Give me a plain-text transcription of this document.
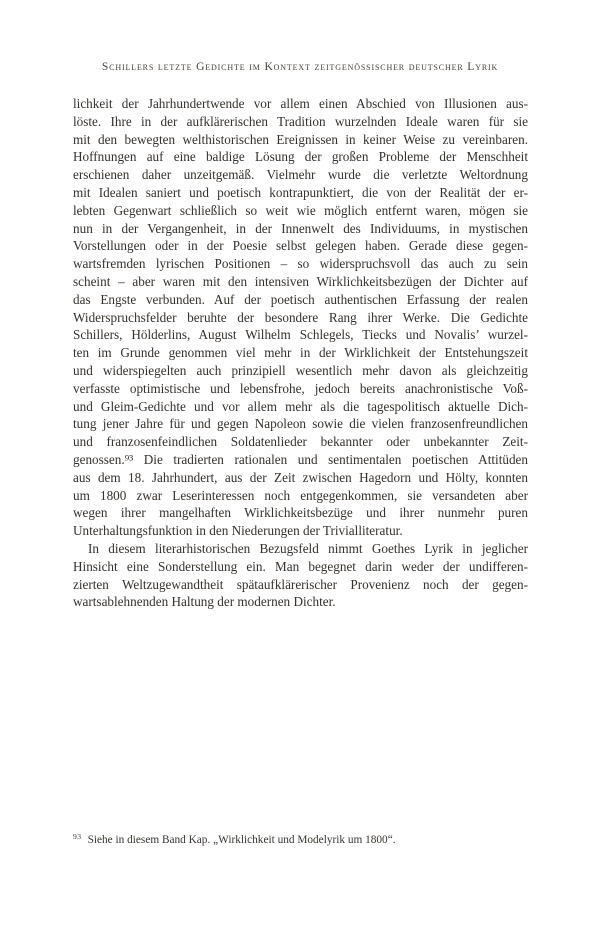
Schillers letzte Gedichte im Kontext zeitgenössischer deutscher Lyrik
lichkeit der Jahrhundertwende vor allem einen Abschied von Illusionen aus-
löste. Ihre in der aufklärerischen Tradition wurzelnden Ideale waren für sie
mit den bewegten welthistorischen Ereignissen in keiner Weise zu vereinbaren.
Hoffnungen auf eine baldige Lösung der großen Probleme der Menschheit
erschienen daher unzeitgemäß. Vielmehr wurde die verletzte Weltordnung
mit Idealen saniert und poetisch kontrapunktiert, die von der Realität der er-
lebten Gegenwart schließlich so weit wie möglich entfernt waren, mögen sie
nun in der Vergangenheit, in der Innenwelt des Individuums, in mystischen
Vorstellungen oder in der Poesie selbst gelegen haben. Gerade diese gegen-
wartsfremden lyrischen Positionen – so widerspruchsvoll das auch zu sein
scheint – aber waren mit den intensiven Wirklichkeitsbezügen der Dichter auf
das Engste verbunden. Auf der poetisch authentischen Erfassung der realen
Widerspruchsfelder beruhte der besondere Rang ihrer Werke. Die Gedichte
Schillers, Hölderlins, August Wilhelm Schlegels, Tiecks und Novalis’ wurzel-
ten im Grunde genommen viel mehr in der Wirklichkeit der Entstehungszeit
und widerspiegelten auch prinzipiell wesentlich mehr davon als gleichzeitig
verfasste optimistische und lebensfrohe, jedoch bereits anachronistische Voß-
und Gleim-Gedichte und vor allem mehr als die tagespolitisch aktuelle Dich-
tung jener Jahre für und gegen Napoleon sowie die vielen franzosenfreundlichen
und franzosenfeindlichen Soldatenlieder bekannter oder unbekannter Zeit-
genossen.⁹³ Die tradierten rationalen und sentimentalen poetischen Attitüden
aus dem 18. Jahrhundert, aus der Zeit zwischen Hagedorn und Hölty, konnten
um 1800 zwar Leserinteressen noch entgegenkommen, sie versandeten aber
wegen ihrer mangelhaften Wirklichkeitsbezüge und ihrer nunmehr puren
Unterhaltungsfunktion in den Niederungen der Trivialliteratur.
In diesem literarhistorischen Bezugsfeld nimmt Goethes Lyrik in jeglicher
Hinsicht eine Sonderstellung ein. Man begegnet darin weder der undifferen-
zierten Weltzugewandtheit spätaufklärerischer Provenienz noch der gegen-
wartsablehnenden Haltung der modernen Dichter.
$^{93}$ Siehe in diesem Band Kap. „Wirklichkeit und Modelyrik um 1800“.
